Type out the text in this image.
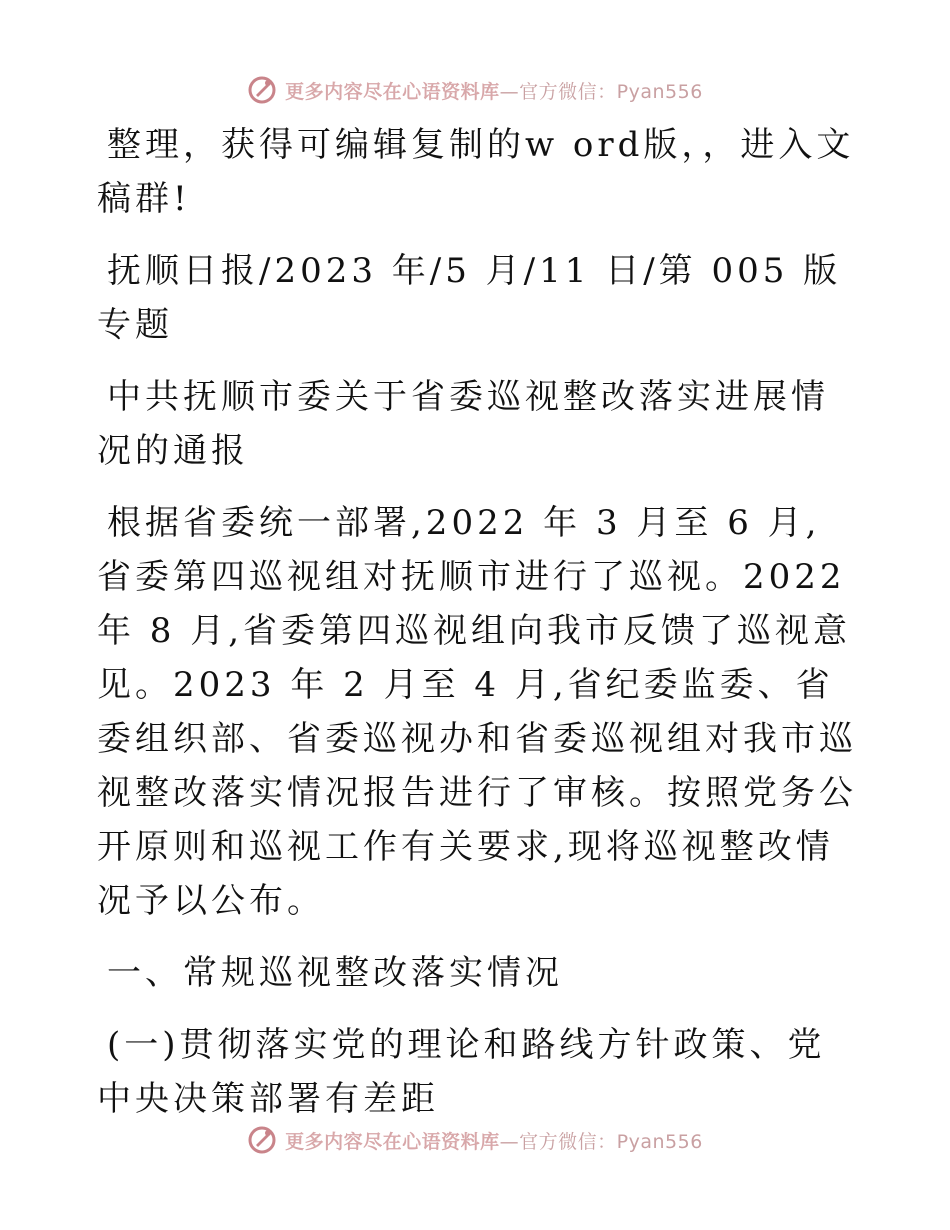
更多内容尽在心语资料库—官方微信：Pyan556

整理，获得可编辑复制的w ord版，，进入文稿群!

抚顺日报/2023 年/5 月/11 日/第 005 版专题

中共抚顺市委关于省委巡视整改落实进展情况的通报

根据省委统一部署,2022 年 3 月至 6 月,省委第四巡视组对抚顺市进行了巡视。2022 年 8 月,省委第四巡视组向我市反馈了巡视意见。2023 年 2 月至 4 月,省纪委监委、省委组织部、省委巡视办和省委巡视组对我市巡视整改落实情况报告进行了审核。按照党务公开原则和巡视工作有关要求,现将巡视整改情况予以公布。

一、常规巡视整改落实情况

(一)贯彻落实党的理论和路线方针政策、党中央决策部署有差距

更多内容尽在心语资料库—官方微信：Pyan556
